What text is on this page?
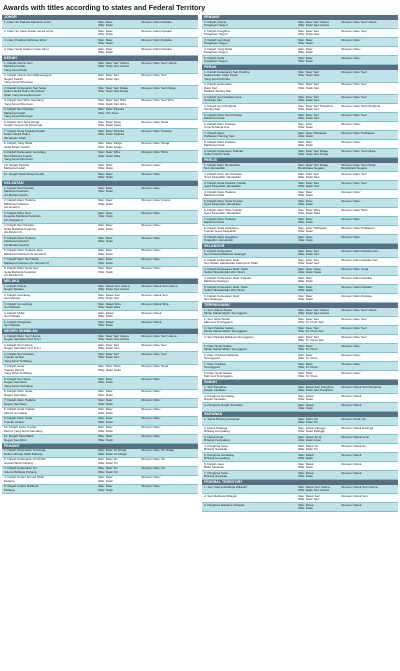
Awards with titles according to states and Federal Territory
JOHOR
1. Dato' Sri Paduka Mahkota Johor	Man: Dato'
Wife: Datin
Woman: Datin Paduka
2. Dato' Sri Setia Sultan Ismail Johor	Man: Dato'
Wife: Datin
Woman: Datin Paduka
3. Dato' Paduka Mahkota Johor	Man: Dato'
Wife: Datin
Woman: Datin Paduka
4. Dato' Setia Sultan Ismail Johor	Man: Dato'
Wife: Datin
Woman: Datin Paduka
KEDAH
1. Darjah Utama Seri
Mahkota Kedah
Yang Amat Mulia
Man: Dato' Seri Utama
Wife: Datin Seri Utama
Woman: Dato' Seri Utama
2. Darjah Utama Seri Mahawangsa
Negeri Kedah
Yang Amat Dihormati
Man: Dato' Seri
Wife: Datin Seri
Woman: Dato' Seri
3. Darjah Kebesaran Seri Setia
Sultan Abdul Halim Mu'adzam
Shah Yang Amat Dihormati
Man: Dato' Seri Diraja
Wife: Datin Seri Diraja
Woman: Dato' Seri Diraja
4. Darjah Seri Wira Gemilang
Yang Amat Dihormati
Man: Dato' Seri Wira
Wife: Datin Seri Wira
Woman: Dato' Seri Wira
5. Darjah Seri Paduka
Mahkota Kedah
Yang Amat Dihormati
Man: Dato' Paduka
Wife: Toh Puan
6. Darjah Seri Setia Diraja
Kedah Yang Amat Dihormati
Man: Dato' Setia
Wife: Datin Setia
Woman: Dato' Setia
7. Darjah Setia Paduka Kedah
Sultan Abdul Halim
Mu'adzam Shah
Man: Dato' Paduka
Wife: Datin Paduka
Woman: Dato' Paduka
8. Darjah Yang Mulia
Setia Diraja Kedah
Man: Dato' Diraja
Wife: Datin Diraja
Woman: Dato' Diraja
9. Darjah Kebesaran Gemilang
Seri Mahkota Kedah
Yang Amat Dihormati
Man: Dato' Wira
Wife: Datin Wira
Woman: Dato' Wira
10. Darjah Paduka
Mahkota Kedah
Man: Dato'
Wife: Datin
Woman: Dato'
11. Darjah Setia Diraja Kedah	Man: Dato'
Wife: Datin
Woman: Dato'
KELANTAN
1. Darjah Seri Paduka
Mahkota Kelantan
(Al-Muhammadi I)
Man: Dato'
Wife: Datin
Woman: Dato'
2. Darjah Dato' Paduka
Mahkota Kelantan
(Al-Ismaili I)
Man: Dato'
Wife: Datin
Woman: Dato' Indera
3. Darjah Dato' Seri
Kesatria Mahkota Kelantan
(Al-Yahyawi I)
Man: Dato'
Wife: Datin
Woman: Dato'
4. Darjah Seri Paduka
Setia Mahkota Kelantan
(Al-Ibrahimi I)
Man: Dato'
Wife: Datin
Woman: Dato'
5. Darjah Dato' Paduka
Mahkota Kelantan
(Al-Muhammadi II)
Man: Dato'
Wife: Datin
Woman: Dato'
6. Darjah Dato' Paduka Jasa
Mahkota Kelantan (Al-Ismaili II)
Man: Dato'
Wife: Datin
Woman: Dato'
7. Darjah Dato' Seri Setia
Mahkota Kelantan (Al-Yahyawi II)
Man: Dato'
Wife: Datin
Woman: Dato'
8. Darjah Dato' Setia Seri
Setia Mahkota Kelantan
(Al-Ibrahimi II)
Man: Dato'
Wife: Datin
Woman: Dato'
MELAKA
1. Darjah Utama
Negeri Melaka
Man: Datuk Seri Utama
Wife: Datin Seri Utama
Woman: Datuk Seri Utama
2. Darjah Gemilang
Seri Melaka
Man: Datuk Seri
Wife: Datin Seri
Woman: Datuk Seri
3. Darjah Cemerlang
Seri Melaka
Man: Datuk Wira
Wife: Datin Wira
Woman: Datuk Wira
4. Darjah Mulia
Seri Melaka
Man: Datuk
Wife: Datin
Woman: Datuk
5. Darjah Pangkuan
Seri Melaka
Man: Datuk
Wife: Datin
Woman: Datuk
NEGERI SEMBILAN
1. Darjah Dato' Seri Utama
Negeri Sembilan (S.P.N.S.)
Man: Dato' Seri Utama
Wife: Datin Seri Utama
Woman: Dato' Seri Utama
2. Darjah Seri Utama
Negeri Sembilan (S.P.N.S.)
Man: Dato' Seri
Wife: Datin Seri
Woman: Dato' Seri
3. Darjah Seri Paduka
Tuanku Ja'afar
Yang Amat Terbilang
Man: Dato' Seri
Wife: Datin Seri
Woman: Dato' Seri
4. Darjah Setia
Tuanku Muhriz
Yang Amat Terbilang
Man: Dato' Setia
Wife: Datin Setia
Woman: Dato' Setia
5. Darjah Seri Setia
Negeri Sembilan
Yang Amat Gemilang
Man: Dato'
Wife: Datin
Woman: Dato'
6. Darjah Dato' Setia
Negeri Sembilan
Man: Dato'
Wife: Datin
Woman: Dato'
7. Darjah Dato' Paduka
Negeri Sembilan
Man: Dato'
Wife: Datin
Woman: Dato'
8. Darjah Setia Tuanku
Muhriz Gemilang
Man: Dato'
Wife: Datin
Woman: Dato'
9. Darjah Dato' Setia
Tuanku Ja'afar
Man: Dato'
Wife: Datin
Woman: Dato'
10. Darjah Setia Tuanku
Muhriz Yang Amat Gemilang
Man: Dato'
Wife: Datin
Woman: Dato'
11. Darjah Setia Bakti
Negeri Sembilan
Man: Dato'
Wife: Datin
Woman: Dato'
PAHANG
1. Darjah Kebesaran Sri Diraja
Sultan Ahmad Shah Pahang
Man: Dato' Sri Diraja
Wife: Datin Sri Diraja
Woman: Dato' Sri Diraja
2. Darjah Kebesaran Sri Sultan
Ahmad Shah Pahang
Man: Dato' Sri
Wife: Datin Sri
Woman: Dato' Sri
3. Darjah Kebesaran Sri
Indera Mahkota Pahang
Man: Dato' Sri
Wife: Datin Sri
Woman: Dato' Sri
4. Darjah Sultan Ahmad Shah
Pahang
Man: Dato'
Wife: Datin
Woman: Dato'
5. Darjah Indera Mahkota
Pahang
Man: Dato'
Wife: Datin
Woman: Dato'
PENANG
1. Darjah Utama
Pangkuan Negeri
Man: Dato' Seri Utama
Wife: Datin Seri Utama
Woman: Dato' Seri Utama
2. Darjah Panglima
Pangkuan Negeri
Man: Dato' Seri
Wife: Datin Seri
Woman: Dato' Seri
3. Darjah Gemilang
Pangkuan Negeri
Man: Dato'
Wife: Datin
Woman: Dato'
4. Darjah Yang Mulia
Pangkuan Negeri
Man: Dato'
Wife: Datin
Woman: Dato'
5. Darjah Setia
Pangkuan Negeri
Man: Dato'
Wife: Datin
Woman: Dato'
PERAK
1. Darjah Kebesaran Seri Paduka
Sultan Azlan Shah Perak
Yang Amat Dimulia
Man: Dato' Seri
Wife: Datin Seri
Woman: Dato' Seri
2. Darjah Kebesaran
Dato' Seri
Paduka Taming Sari
Man: Dato' Seri
Wife: Datin Seri
Woman: Dato' Seri
3. Darjah Seri Paduka Cura
Si Manja Kini
Man: Dato' Seri
Wife: Datin Seri
Woman: Dato' Seri
4. Darjah Seri Panglima
Taming Sari
Man: Dato' Seri Panglima
Wife: Datin Seri
Woman: Dato' Seri Panglima
5. Darjah Dato' Seri Paduka
Mahkota Perak
Man: Dato' Seri
Wife: Datin Seri
Woman: Dato' Seri
6. Darjah Dato' Paduka
Cura Si Manja Kini
Man: Dato'
Wife: Datin
Woman: Dato'
7. Darjah Dato'
Pahlawan Taming Sari
Man: Dato' Pahlawan
Wife: Datin
Woman: Dato' Pahlawan
8. Darjah Dato' Paduka
Mahkota Perak
Man: Dato'
Wife: Datin
Woman: Dato'
9. Darjah Kebesaran Paduka
Sultan Nazrin Shah
Man: Dato' Seri Diraja
Wife: Datin Seri Diraja
Woman: Dato' Seri Diraja
PERLIS
1. Darjah Dato' Bendahara
Seri Jamalullail
Man: Dato' Seri Diraja
Bendahara Negara
Woman: Dato' Seri Diraja
Bendahara Negara
2. Darjah Dato' Seri Paduka
Syed Sirajuddin Jamalullail
Man: Dato' Seri
Wife: Datin Seri
Woman: Dato' Seri
3. Darjah Setia Paduka Tuanku
Syed Sirajuddin Jamalullail
Man: Dato' Seri
Wife: Datin Seri
Woman: Dato' Seri
4. Darjah Dato' Paduka
Mahkota Perlis
Man: Dato'
Wife: Datin
Woman: Dato'
5. Darjah Dato' Setia Tuanku
Syed Sirajuddin Jamalullail
Man: Dato'
Wife: Datin
Woman: Dato'
6. Darjah Dato' Wira Tuanku
Syed Sirajuddin Jamalullail
Man: Dato' Wira
Wife: Datin Wira
Woman: Dato' Wira
7. Darjah Dato' Paduka
Mahkota Perlis
Man: Dato'
Wife: Datin
Woman: Dato'
8. Darjah Setia Pahlawan
Tuanku Syed Sirajuddin
Man: Dato' Pahlawan
Wife: Datin
Woman: Dato' Pahlawan
9. Darjah Dato' Panglima
Sirajuddin Jamalullail
Man: Dato'
Wife: Datin
Woman: Dato'
SELANGOR
1. Darjah Kebesaran
Seri Paduka Mahkota Selangor
Man: Dato' Seri
Wife: Datin Seri
Woman: Datin Paduka Seri
2. Darjah Kebesaran Dato'
Seri Sultan Salahuddin Abdul Aziz Shah
Man: Dato' Seri
Wife: Datin Seri
Woman: Datin Paduka Seri
3. Darjah Kebesaran Dato' Setia
Sultan Sharafuddin Idris Shah
Man: Dato' Setia
Wife: Datin Setia
Woman: Dato' Setia
4. Darjah Kebesaran Dato' Paduka
Mahkota Selangor
Man: Dato'
Wife: Datin
Woman: Datin Paduka
5. Darjah Kebesaran Dato' Setia
Sultan Sharafuddin Idris Shah
Man: Dato'
Wife: Datin
Woman: Datin Paduka
6. Darjah Kebesaran Dato'
Seri Selangor
Man: Dato'
Wife: Datin
Woman: Datin Paduka
TERENGGANU
1. Seri Utama Sultan
Mizan Zainal Abidin Terengganu
Man: Dato' Seri Utama
Wife: Datin Seri Utama
Woman: Dato' Seri Utama
2. Seri Setia Sultan
Mahmud Terengganu
Man: Dato' Seri
Wife: To' Puan Seri
Woman: Dato' Seri
3. Seri Paduka Sultan
Mizan Zainal Abidin Terengganu
Man: Dato' Seri
Wife: To' Puan Seri
Woman: Dato' Seri
4. Seri Paduka Mahkota Terengganu	Man: Dato' Seri
Wife: To' Puan Seri
Woman: Dato' Seri
5. Dato' Setia Sultan
Mizan Zainal Abidin Terengganu
Man: Dato'
Wife: To' Puan
Woman: Dato'
6. Dato' Paduka Mahkota
Terengganu
Man: Dato'
Wife: To' Puan
Woman: Dato'
7. Dato' Paduka
Terengganu
Man: Dato'
Wife: To' Puan
Woman: Dato'
8. Dato' Setia Sultan
Mahmud Terengganu
Man: Dato'
Wife: To' Puan
Woman: Dato'
SABAH
1. Seri Panglima
Darjah Kinabalu
Man: Datuk Seri Panglima
Wife: Datin Seri Panglima
Woman: Datuk Seri Panglima
2. Panglima Gemilang
Darjah Kinabalu
Man: Datuk
Wife: Datin
Woman: Datuk
3. Panglima Darjah Kinabalu	Man: Datuk
Wife: Datin
Woman: Datuk
SARAWAK
1. Satria Bintang Sarawak	Man: Pehin Sri
Wife: Puan Sri
Woman: Pehin Sri
2. Datuk Patinggi
Bintang Kenyalang
Man: Datuk Patinggi
Wife: Datin Patinggi
Woman: Datuk Patinggi
3. Datuk Amar
Bintang Kenyalang
Man: Datuk Amar
Wife: Datin Amar
Woman: Datuk Amar
4. Panglima Setia
Bintang Sarawak
Man: Datuk Sri
Wife: Datin Sri
Woman: Datuk Sri
5. Panglima Gemilang
Bintang Kenyalang
Man: Datuk
Wife: Datin
Woman: Datuk
6. Darjah Jasa
Bakti Sarawak
Man: Datuk
Wife: Datin
Woman: Datuk
7. Panglima Setia
Bintang Sarawak
Man: Datuk
Wife: Datin
Woman: Datuk
FEDERAL TERRITORY
1. Seri Utama Mahkota Wilayah	Man: Datuk Seri Utama
Wife: Datin Seri Utama
Woman: Datuk Seri Utama
2. Seri Mahkota Wilayah	Man: Datuk Seri
Wife: Datin Seri
Woman: Datuk Seri
3. Panglima Mahkota Wilayah	Man: Datuk
Wife: Datin
Woman: Datuk
